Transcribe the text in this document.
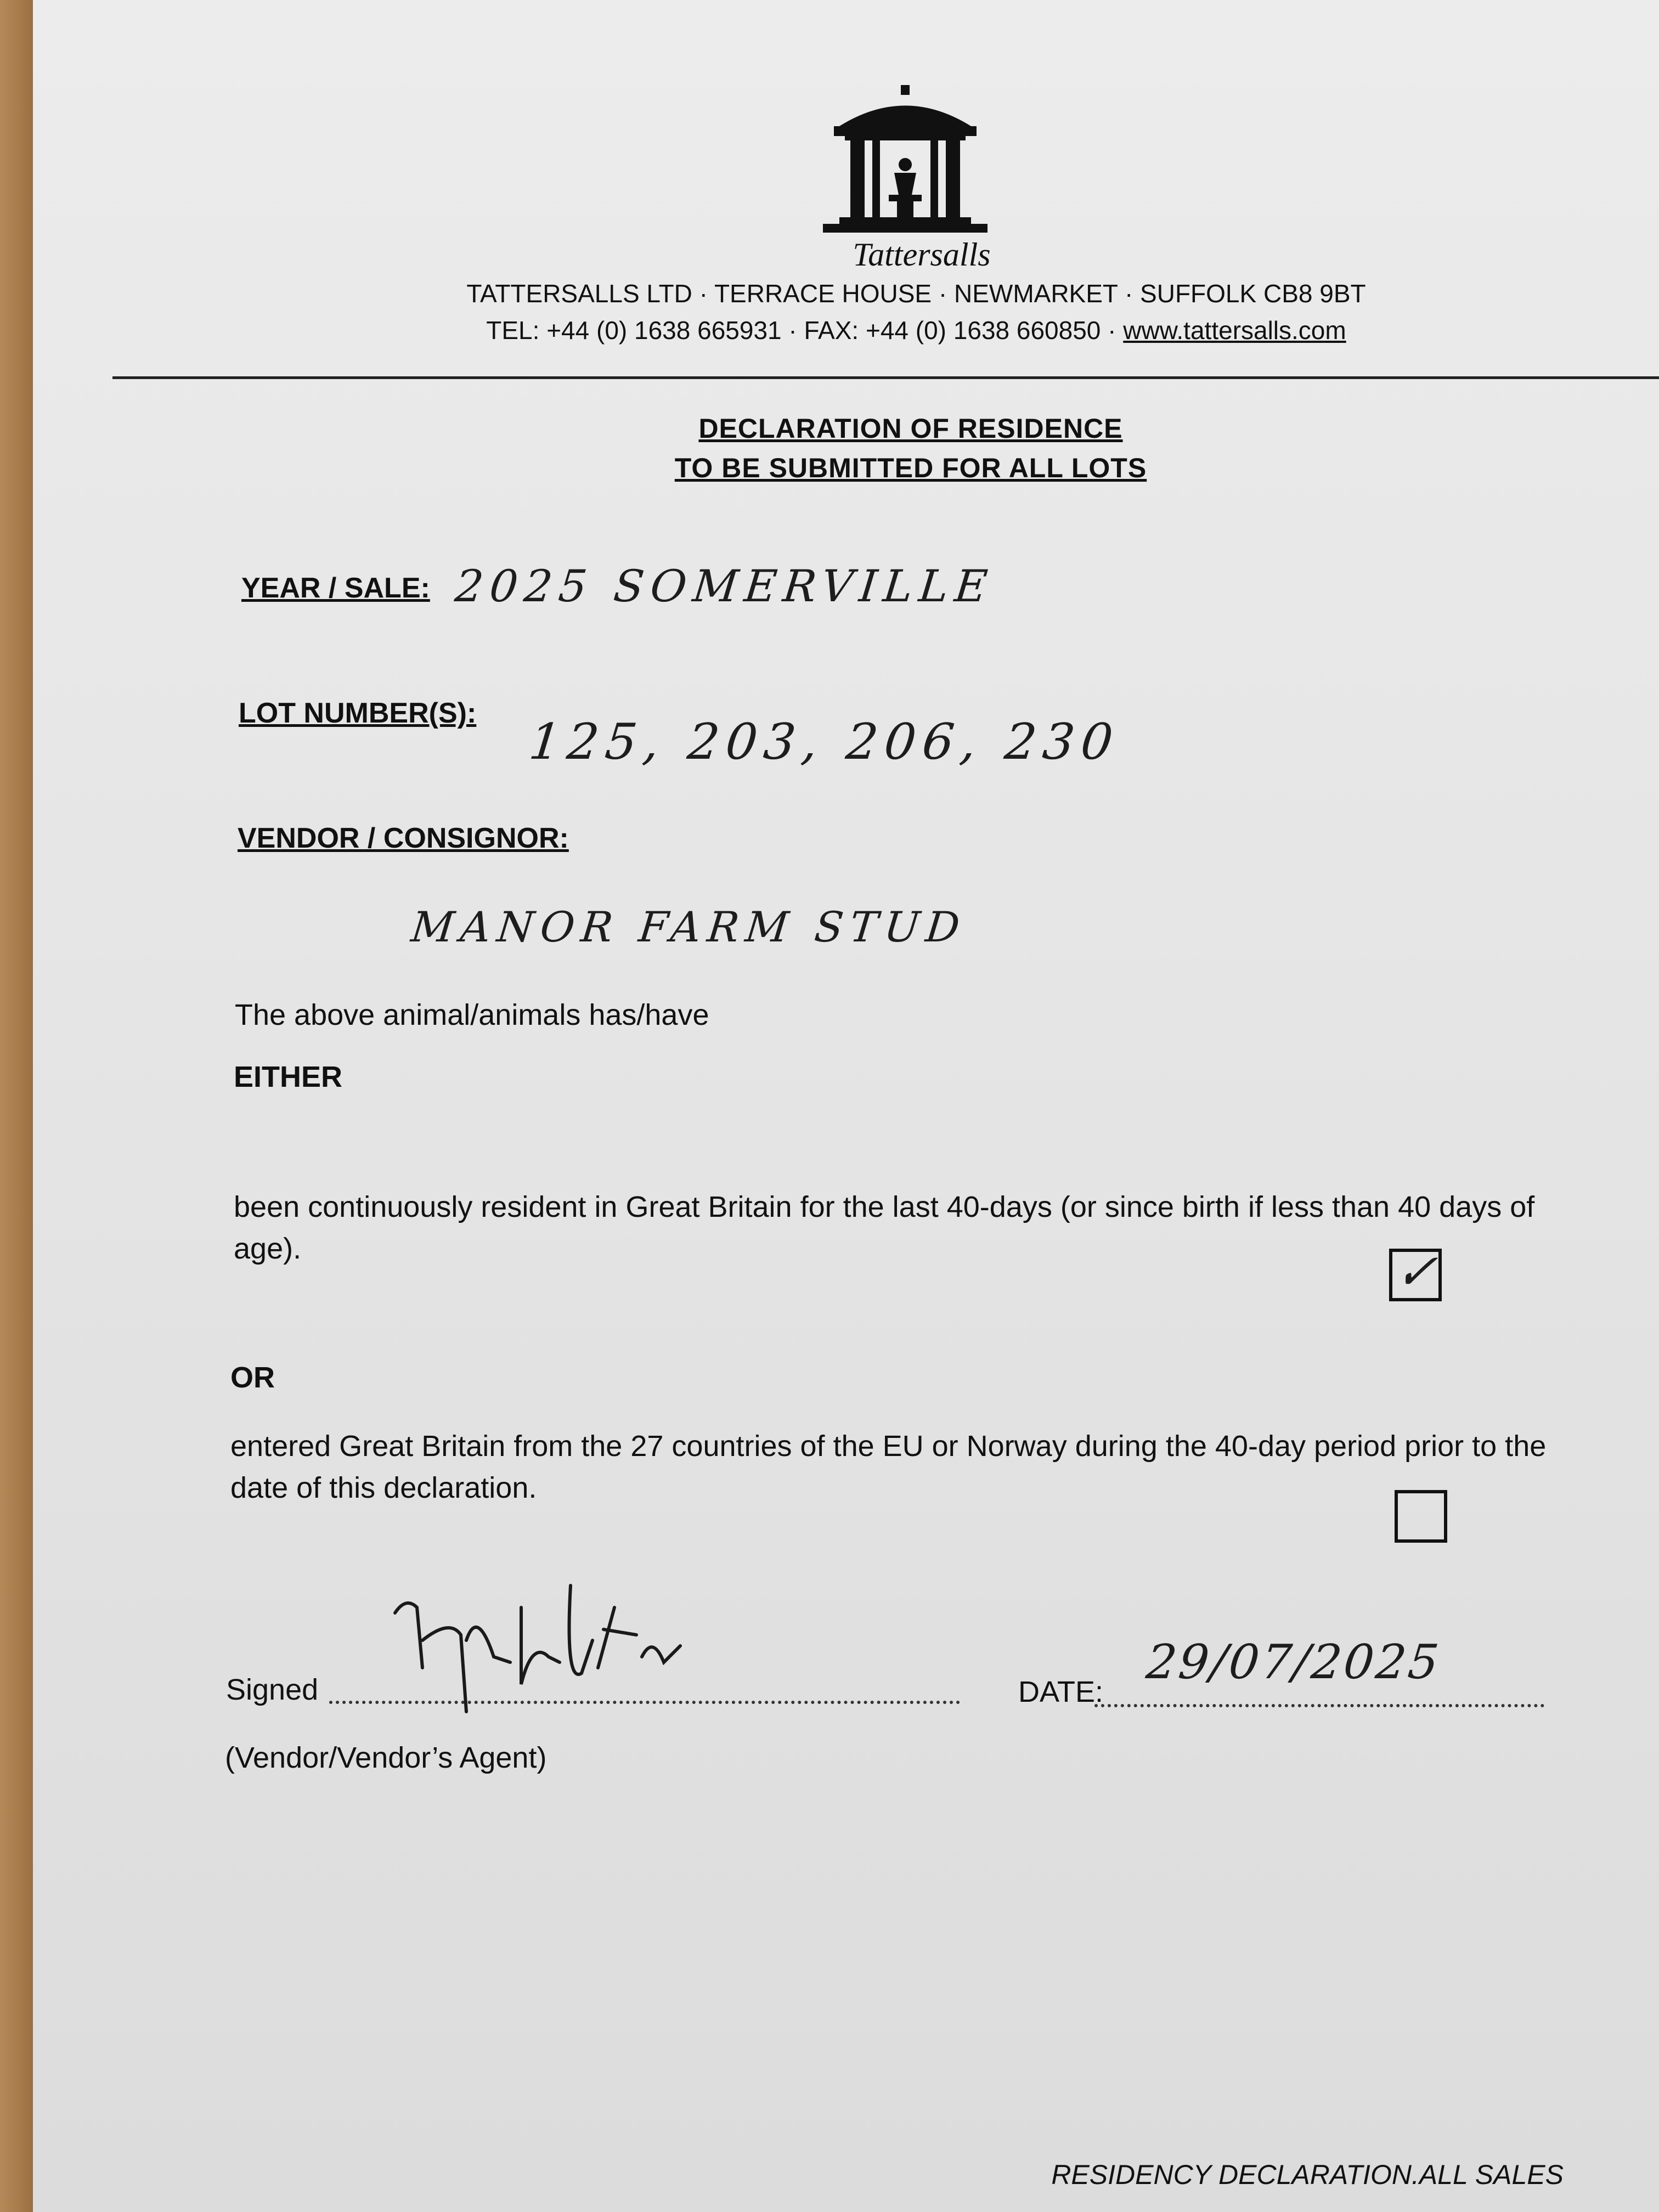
Tattersalls
TATTERSALLS LTD · TERRACE HOUSE · NEWMARKET · SUFFOLK CB8 9BT
TEL: +44 (0) 1638 665931 · FAX: +44 (0) 1638 660850 · www.tattersalls.com
DECLARATION OF RESIDENCE
TO BE SUBMITTED FOR ALL LOTS
YEAR / SALE: 2025 SOMERVILLE
LOT NUMBER(S): 125, 203, 206, 230
VENDOR / CONSIGNOR:
MANOR FARM STUD
The above animal/animals has/have
EITHER
been continuously resident in Great Britain for the last 40-days (or since birth if less than 40 days of age).	✓
OR
entered Great Britain from the 27 countries of the EU or Norway during the 40-day period prior to the date of this declaration.
Signed	DATE:
29/07/2025
(Vendor/Vendor’s Agent)
RESIDENCY DECLARATION.ALL SALES
